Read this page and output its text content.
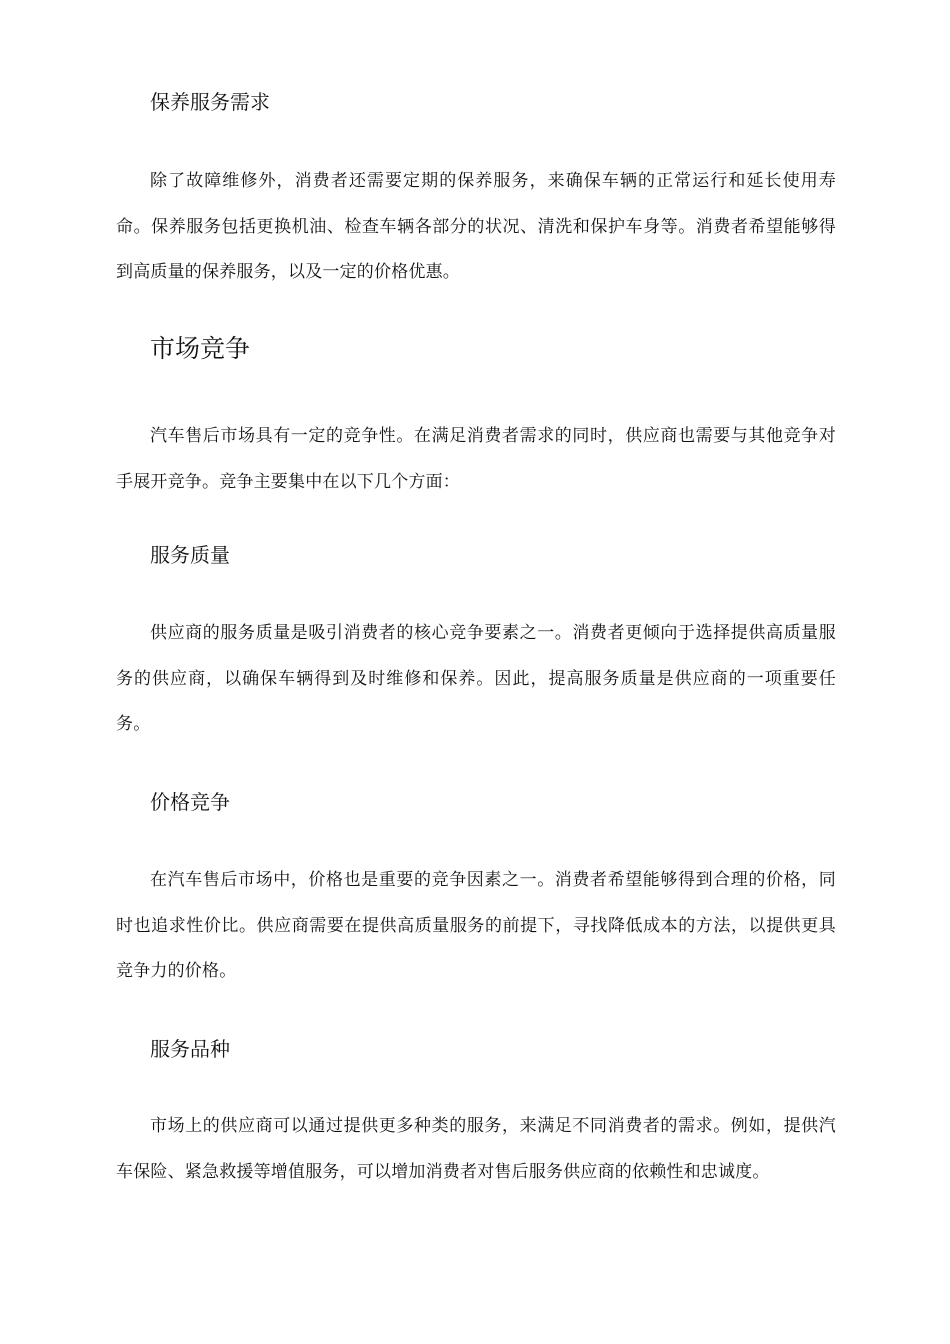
保养服务需求

除了故障维修外，消费者还需要定期的保养服务，来确保车辆的正常运行和延长使用寿命。保养服务包括更换机油、检查车辆各部分的状况、清洗和保护车身等。消费者希望能够得到高质量的保养服务，以及一定的价格优惠。

市场竞争

汽车售后市场具有一定的竞争性。在满足消费者需求的同时，供应商也需要与其他竞争对手展开竞争。竞争主要集中在以下几个方面：

服务质量

供应商的服务质量是吸引消费者的核心竞争要素之一。消费者更倾向于选择提供高质量服务的供应商，以确保车辆得到及时维修和保养。因此，提高服务质量是供应商的一项重要任务。

价格竞争

在汽车售后市场中，价格也是重要的竞争因素之一。消费者希望能够得到合理的价格，同时也追求性价比。供应商需要在提供高质量服务的前提下，寻找降低成本的方法，以提供更具竞争力的价格。

服务品种

市场上的供应商可以通过提供更多种类的服务，来满足不同消费者的需求。例如，提供汽车保险、紧急救援等增值服务，可以增加消费者对售后服务供应商的依赖性和忠诚度。
